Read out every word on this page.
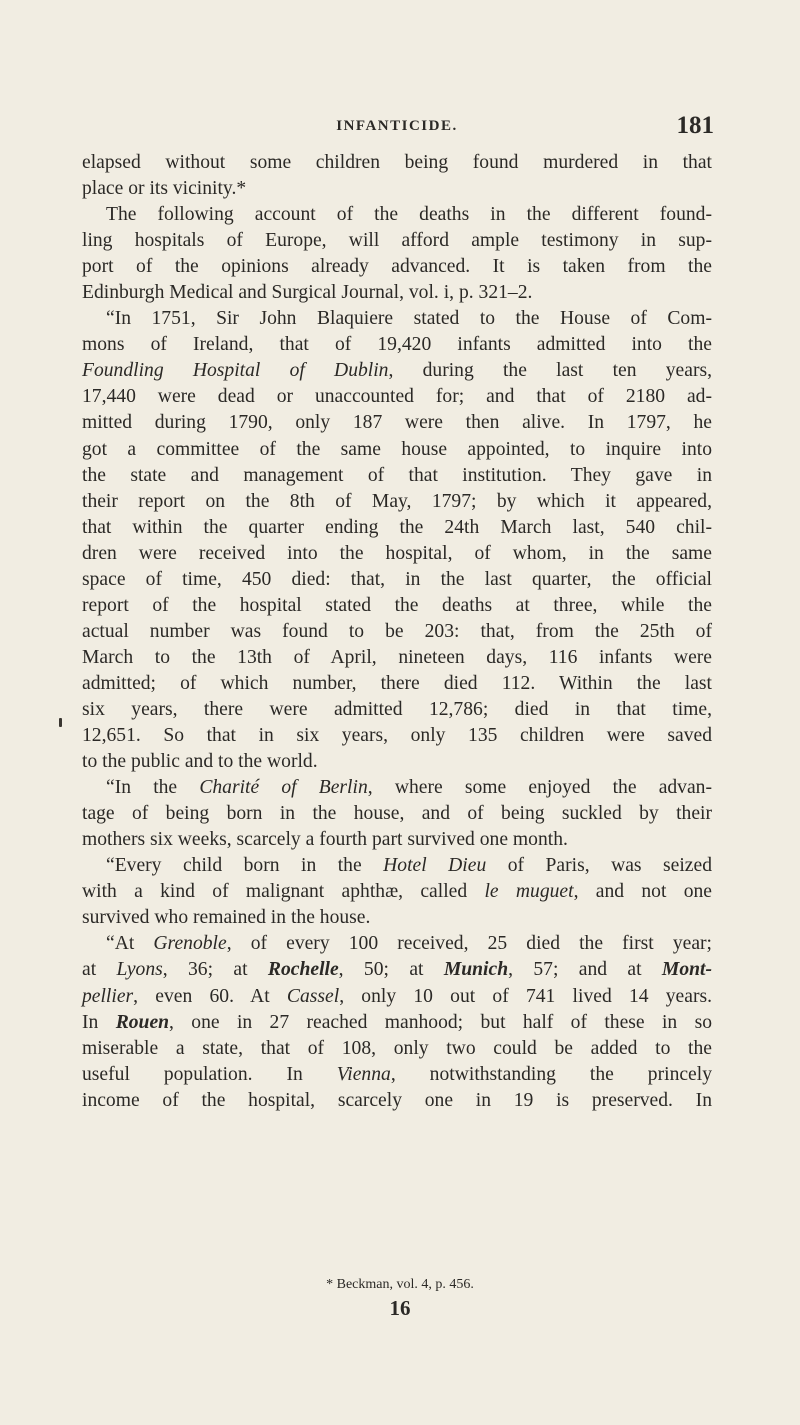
INFANTICIDE.	181
elapsed without some children being found murdered in that
place or its vicinity.*
The following account of the deaths in the different found-
ling hospitals of Europe, will afford ample testimony in sup-
port of the opinions already advanced. It is taken from the
Edinburgh Medical and Surgical Journal, vol. i, p. 321–2.
“In 1751, Sir John Blaquiere stated to the House of Com-
mons of Ireland, that of 19,420 infants admitted into the
Foundling Hospital of Dublin, during the last ten years,
17,440 were dead or unaccounted for; and that of 2180 ad-
mitted during 1790, only 187 were then alive. In 1797, he
got a committee of the same house appointed, to inquire into
the state and management of that institution. They gave in
their report on the 8th of May, 1797; by which it appeared,
that within the quarter ending the 24th March last, 540 chil-
dren were received into the hospital, of whom, in the same
space of time, 450 died: that, in the last quarter, the official
report of the hospital stated the deaths at three, while the
actual number was found to be 203: that, from the 25th of
March to the 13th of April, nineteen days, 116 infants were
admitted; of which number, there died 112. Within the last
six years, there were admitted 12,786; died in that time,
12,651. So that in six years, only 135 children were saved
to the public and to the world.
“In the Charité of Berlin, where some enjoyed the advan-
tage of being born in the house, and of being suckled by their
mothers six weeks, scarcely a fourth part survived one month.
“Every child born in the Hotel Dieu of Paris, was seized
with a kind of malignant aphthæ, called le muguet, and not one
survived who remained in the house.
“At Grenoble, of every 100 received, 25 died the first year;
at Lyons, 36; at Rochelle, 50; at Munich, 57; and at Mont-
pellier, even 60. At Cassel, only 10 out of 741 lived 14 years.
In Rouen, one in 27 reached manhood; but half of these in so
miserable a state, that of 108, only two could be added to the
useful population. In Vienna, notwithstanding the princely
income of the hospital, scarcely one in 19 is preserved. In
* Beckman, vol. 4, p. 456.
16
